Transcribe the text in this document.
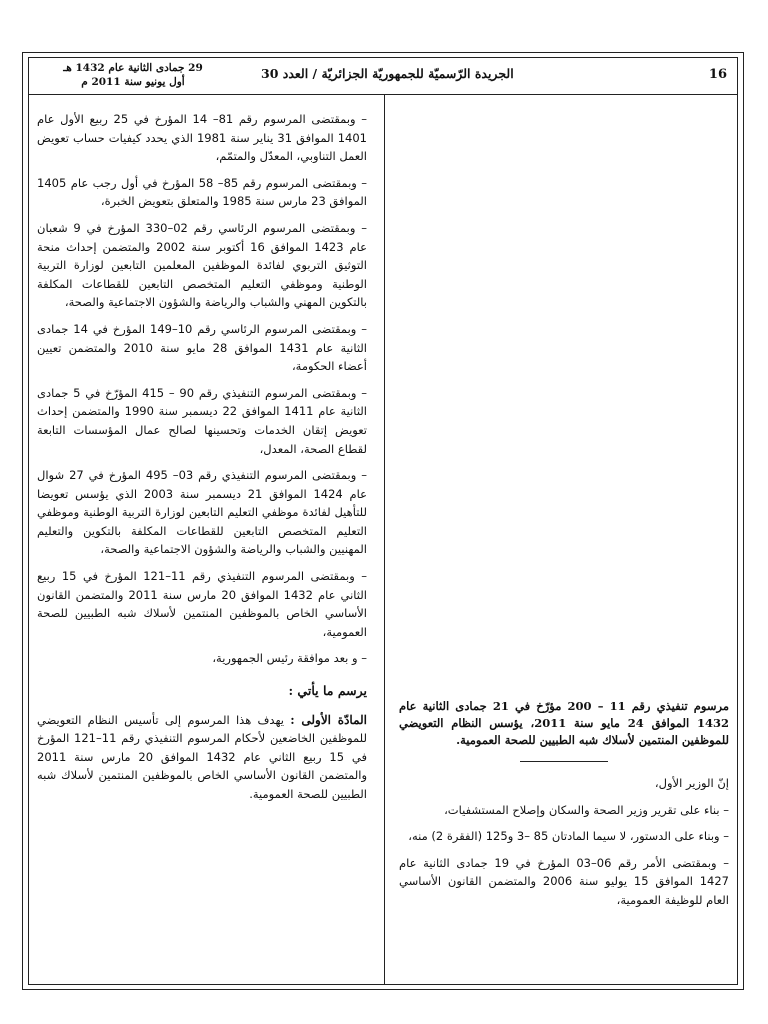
16
الجريدة الرّسميّة للجمهوريّة الجزائريّة / العدد 30
29 جمادى الثانية عام 1432 هـ
أول يونيو سنة 2011 م

– وبمقتضى المرسوم رقم 81– 14 المؤرخ في 25 ربيع الأول عام 1401 الموافق 31 يناير سنة 1981 الذي يحدد كيفيات حساب تعويض العمل التناوبي، المعدّل والمتمّم،

– وبمقتضى المرسوم رقم 85– 58 المؤرخ في أول رجب عام 1405 الموافق 23 مارس سنة 1985 والمتعلق بتعويض الخبرة،

– وبمقتضى المرسوم الرئاسي رقم 02–330 المؤرخ في 9 شعبان عام 1423 الموافق 16 أكتوبر سنة 2002 والمتضمن إحداث منحة التوثيق التربوي لفائدة الموظفين المعلمين التابعين لوزارة التربية الوطنية وموظفي التعليم المتخصص التابعين للقطاعات المكلفة بالتكوين المهني والشباب والرياضة والشؤون الاجتماعية والصحة،

– وبمقتضى المرسوم الرئاسي رقم 10–149 المؤرخ في 14 جمادى الثانية عام 1431 الموافق 28 مايو سنة 2010 والمتضمن تعيين أعضاء الحكومة،

– وبمقتضى المرسوم التنفيذي رقم 90 – 415 المؤرّخ في 5 جمادى الثانية عام 1411 الموافق 22 ديسمبر سنة 1990 والمتضمن إحداث تعويض إتقان الخدمات وتحسينها لصالح عمال المؤسسات التابعة لقطاع الصحة، المعدل،

– وبمقتضى المرسوم التنفيذي رقم 03– 495 المؤرخ في 27 شوال عام 1424 الموافق 21 ديسمبر سنة 2003 الذي يؤسس تعويضا للتأهيل لفائدة موظفي التعليم التابعين لوزارة التربية الوطنية وموظفي التعليم المتخصص التابعين للقطاعات المكلفة بالتكوين والتعليم المهنيين والشباب والرياضة والشؤون الاجتماعية والصحة،

– وبمقتضى المرسوم التنفيذي رقم 11–121 المؤرخ في 15 ربيع الثاني عام 1432 الموافق 20 مارس سنة 2011 والمتضمن القانون الأساسي الخاص بالموظفين المنتمين لأسلاك شبه الطبيين للصحة العمومية،

– و بعد موافقة رئيس الجمهورية،

يرسم ما يأتي :

المادّة الأولى : يهدف هذا المرسوم إلى تأسيس النظام التعويضي للموظفين الخاضعين لأحكام المرسوم التنفيذي رقم 11–121 المؤرخ في 15 ربيع الثاني عام 1432 الموافق 20 مارس سنة 2011 والمتضمن القانون الأساسي الخاص بالموظفين المنتمين لأسلاك شبه الطبيين للصحة العمومية.

مرسوم تنفيذي رقم 11 – 200 مؤرّخ في 21 جمادى الثانية عام 1432 الموافق 24 مايو سنة 2011، يؤسس النظام التعويضي للموظفين المنتمين لأسلاك شبه الطبيين للصحة العمومية.

إنّ الوزير الأول،

– بناء على تقرير وزير الصحة والسكان وإصلاح المستشفيات،

– وبناء على الدستور، لا سيما المادتان 85 –3 و125 (الفقرة 2) منه،

– وبمقتضى الأمر رقم 06–03 المؤرخ في 19 جمادى الثانية عام 1427 الموافق 15 يوليو سنة 2006 والمتضمن القانون الأساسي العام للوظيفة العمومية،
